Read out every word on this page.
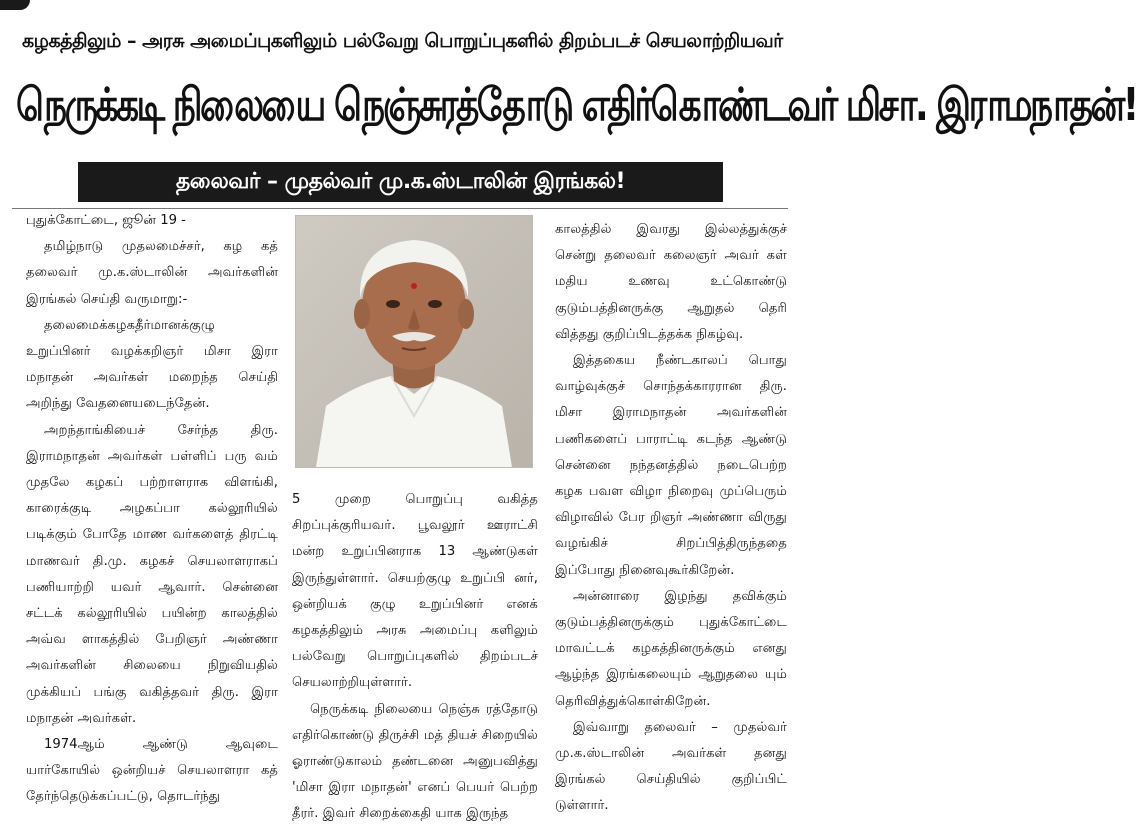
கழகத்திலும் – அரசு அமைப்புகளிலும் பல்வேறு பொறுப்புகளில் திறம்படச் செயலாற்றியவர்
நெருக்கடி நிலையை நெஞ்சுரத்தோடு எதிர்கொண்டவர் மிசா. இராமநாதன்!
தலைவர் – முதல்வர் மு.க.ஸ்டாலின் இரங்கல்!

புதுக்கோட்டை, ஜூன் 19 -

தமிழ்நாடு முதலமைச்சர், கழ கத் தலைவர் மு.க.ஸ்டாலின் அவர்களின் இரங்கல் செய்தி வருமாறு:-

தலைமைக்கழகதீர்மானக்குழு உறுப்பினர் வழக்கறிஞர் மிசா இரா மநாதன் அவர்கள் மறைந்த செய்தி அறிந்து வேதனையடைந்தேன்.

அறந்தாங்கியைச் சேர்ந்த திரு. இராமநாதன் அவர்கள் பள்ளிப் பரு வம் முதலே கழகப் பற்றாளராக விளங்கி, காரைக்குடி அழகப்பா கல்லூரியில் படிக்கும் போதே மாண வர்களைத் திரட்டி மாணவர் தி.மு. கழகச் செயலாளராகப் பணியாற்றி யவர் ஆவார். சென்னை சட்டக் கல்லூரியில் பயின்ற காலத்தில் அவ்வ ளாகத்தில் பேறிஞர் அண்ணா அவர்களின் சிலையை நிறுவியதில் முக்கியப் பங்கு வகித்தவர் திரு. இரா மநாதன் அவர்கள்.

1974ஆம் ஆண்டு ஆவுடை யார்கோயில் ஒன்றியச் செயலாளரா கத் தேர்ந்தெடுக்கப்பட்டு, தொடர்ந்து

5 முறை பொறுப்பு வகித்த சிறப்புக்குரியவர். பூவலூர் ஊராட்சி மன்ற உறுப்பினராக 13 ஆண்டுகள் இருந்துள்ளார். செயற்குழு உறுப்பி னர், ஒன்றியக் குழு உறுப்பினர் எனக் கழகத்திலும் அரசு அமைப்பு களிலும் பல்வேறு பொறுப்புகளில் திறம்படச் செயலாற்றியுள்ளார்.

நெருக்கடி நிலையை நெஞ்சு ரத்தோடு எதிர்கொண்டு திருச்சி மத் தியச் சிறையில் ஓராண்டுகாலம் தண்டனை அனுபவித்து 'மிசா இரா மநாதன்' எனப் பெயர் பெற்ற தீரர். இவர் சிறைக்கைதி யாக இருந்த

காலத்தில் இவரது இல்லத்துக்குச் சென்று தலைவர் கலைஞர் அவர் கள் மதிய உணவு உட்கொண்டு குடும்பத்தினருக்கு ஆறுதல் தெரி வித்தது குறிப்பிடத்தக்க நிகழ்வு.

இத்தகைய நீண்டகாலப் பொது வாழ்வுக்குச் சொந்தக்காரரான திரு. மிசா இராமநாதன் அவர்களின் பணிகளைப் பாராட்டி கடந்த ஆண்டு சென்னை நந்தனத்தில் நடைபெற்ற கழக பவள விழா நிறைவு முப்பெரும் விழாவில் பேர றிஞர் அண்ணா விருது வழங்கிச் சிறப்பித்திருந்ததை இப்போது நினைவுகூர்கிறேன்.

அன்னாரை இழந்து தவிக்கும் குடும்பத்தினருக்கும் புதுக்கோட்டை மாவட்டக் கழகத்தினருக்கும் எனது ஆழ்ந்த இரங்கலையும் ஆறுதலை யும் தெரிவித்துக்கொள்கிறேன்.

இவ்வாறு தலைவர் – முதல்வர் மு.க.ஸ்டாலின் அவர்கள் தனது இரங்கல் செய்தியில் குறிப்பிட் டுள்ளார்.
